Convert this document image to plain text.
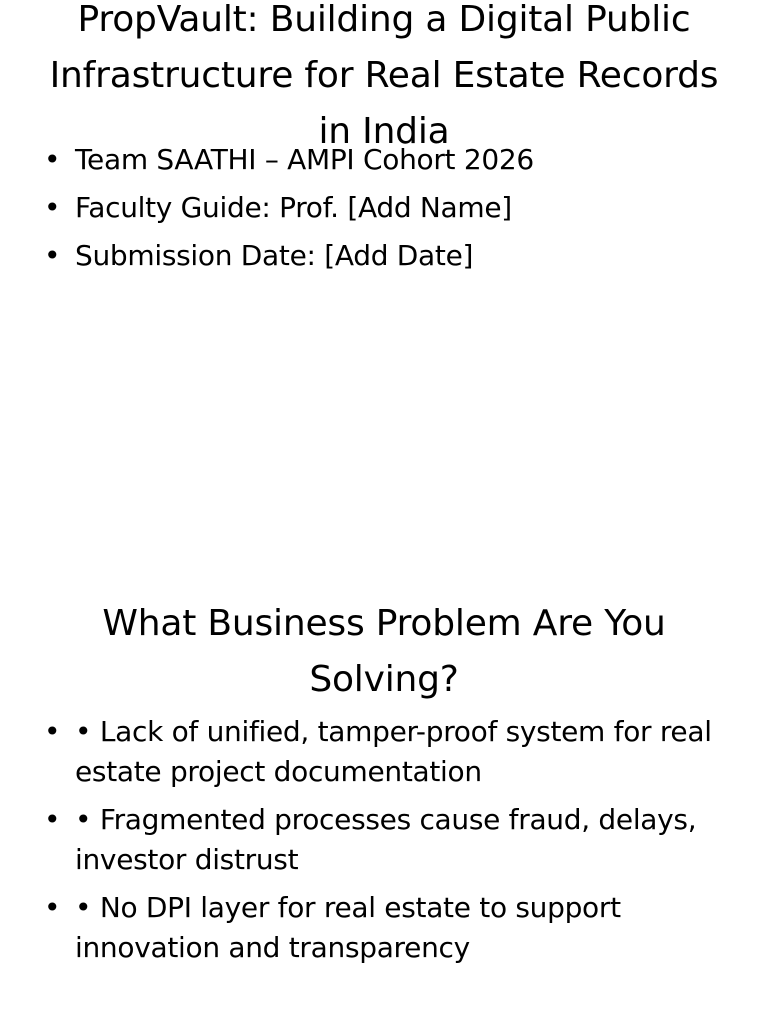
PropVault: Building a Digital Public Infrastructure for Real Estate Records in India
• Team SAATHI – AMPI Cohort 2026
• Faculty Guide: Prof. [Add Name]
• Submission Date: [Add Date]
What Business Problem Are You Solving?
• • Lack of unified, tamper-proof system for real estate project documentation
• • Fragmented processes cause fraud, delays, investor distrust
• • No DPI layer for real estate to support innovation and transparency
